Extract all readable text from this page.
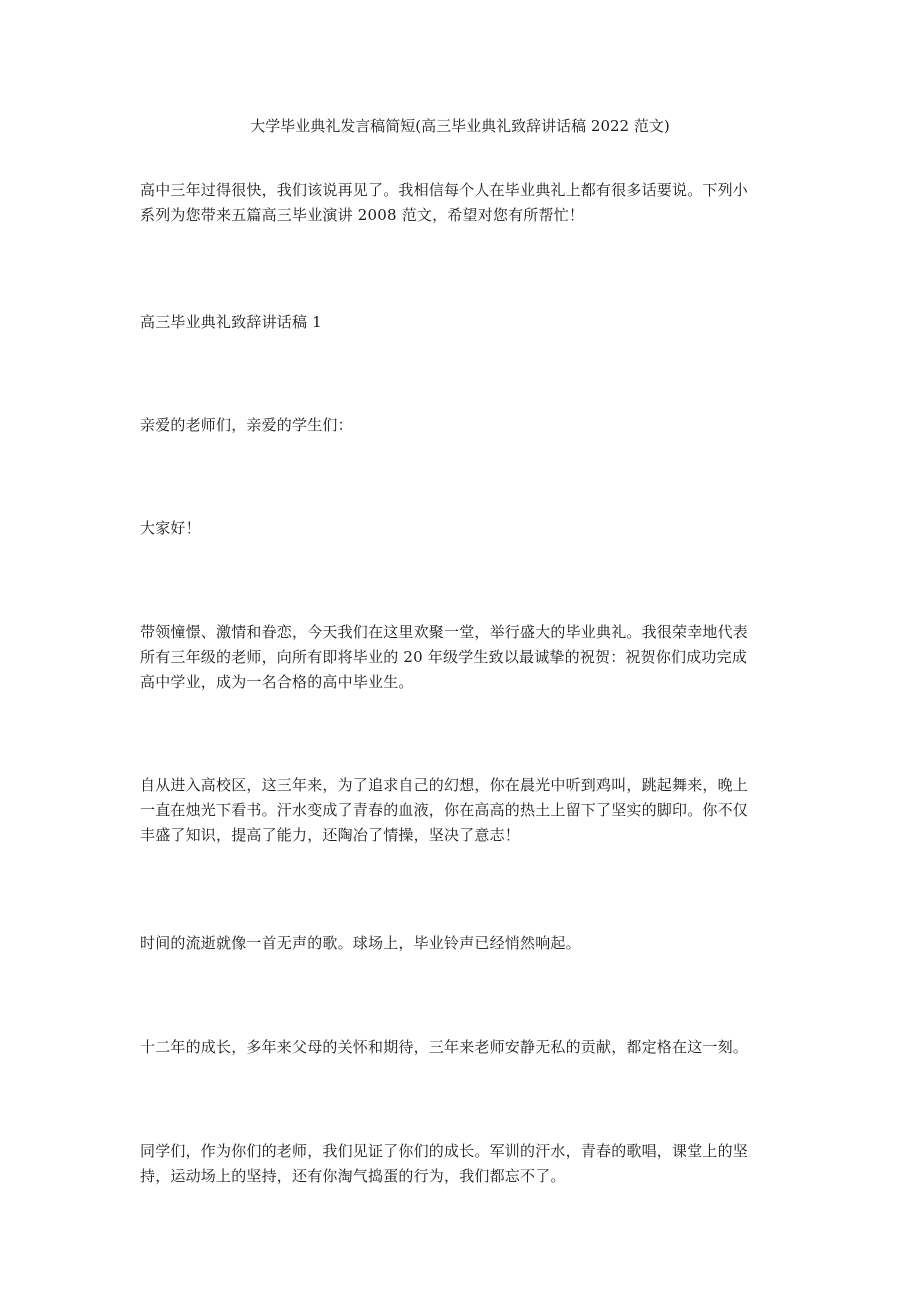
大学毕业典礼发言稿简短(高三毕业典礼致辞讲话稿 2022 范文)

高中三年过得很快，我们该说再见了。我相信每个人在毕业典礼上都有很多话要说。下列小
系列为您带来五篇高三毕业演讲 2008 范文，希望对您有所帮忙！

高三毕业典礼致辞讲话稿 1

亲爱的老师们，亲爱的学生们：

大家好！

带领憧憬、激情和眷恋，今天我们在这里欢聚一堂，举行盛大的毕业典礼。我很荣幸地代表
所有三年级的老师，向所有即将毕业的 20 年级学生致以最诚挚的祝贺：祝贺你们成功完成
高中学业，成为一名合格的高中毕业生。

自从进入高校区，这三年来，为了追求自己的幻想，你在晨光中听到鸡叫，跳起舞来，晚上
一直在烛光下看书。汗水变成了青春的血液，你在高高的热土上留下了坚实的脚印。你不仅
丰盛了知识，提高了能力，还陶冶了情操，坚决了意志！

时间的流逝就像一首无声的歌。球场上，毕业铃声已经悄然响起。

十二年的成长，多年来父母的关怀和期待，三年来老师安静无私的贡献，都定格在这一刻。

同学们，作为你们的老师，我们见证了你们的成长。军训的汗水，青春的歌唱，课堂上的坚
持，运动场上的坚持，还有你淘气捣蛋的行为，我们都忘不了。
